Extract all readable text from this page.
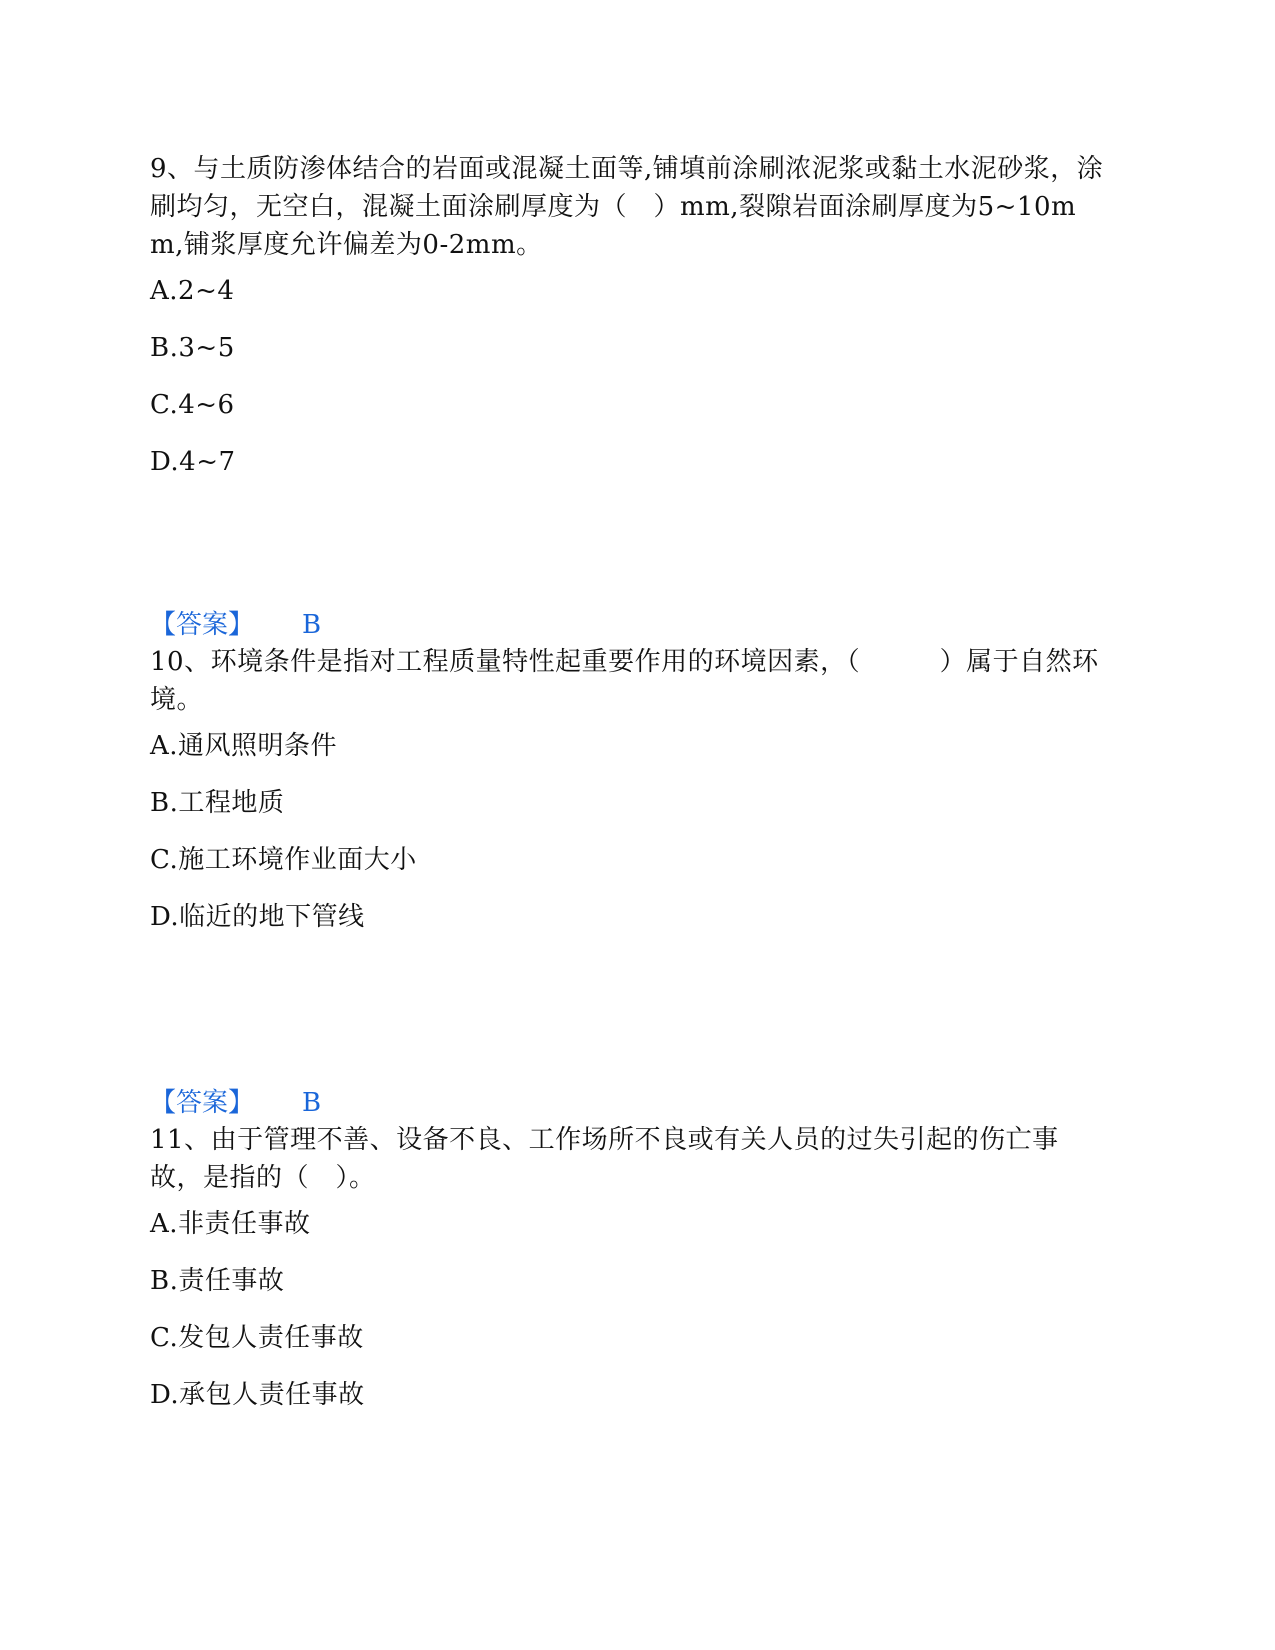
9、与土质防渗体结合的岩面或混凝土面等,铺填前涂刷浓泥浆或黏土水泥砂浆，涂刷均匀，无空白，混凝土面涂刷厚度为（　）mm,裂隙岩面涂刷厚度为5~10mm,铺浆厚度允许偏差为0-2mm。

A.2~4
B.3~5
C.4~6
D.4~7
【答案】 B

10、环境条件是指对工程质量特性起重要作用的环境因素，（　　　）属于自然环境。

A.通风照明条件
B.工程地质
C.施工环境作业面大小
D.临近的地下管线
【答案】 B

11、由于管理不善、设备不良、工作场所不良或有关人员的过失引起的伤亡事故，是指的（　）。

A.非责任事故
B.责任事故
C.发包人责任事故
D.承包人责任事故
